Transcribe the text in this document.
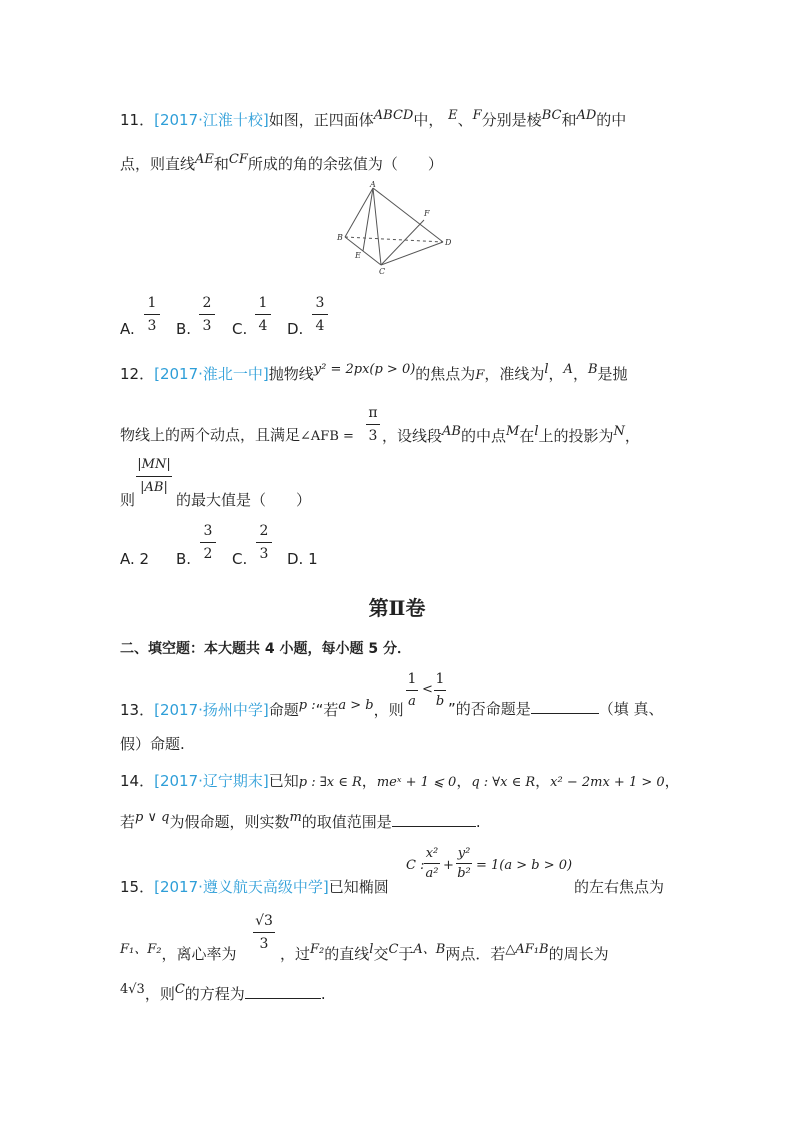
11．[2017·江淮十校]如图，正四面体$^{ABCD}$中， $^E$、$^F$分别是棱$^{BC}$和$^{AD}$的中
点，则直线$^{AE}$和$^{CF}$所成的角的余弦值为（　　）
A
B
C
D
E
F
A.
1
3 B.
2
3 C.
1
4 D.
3
4
12．[2017·淮北一中]抛物线$^{y^2 = 2px(p > 0)}$的焦点为F，准线为$^l$，$^A$，$^B$是抛
物线上的两个动点，且满足∠AFB =
π
3 ，设线段$^{AB}$的中点$^M$在$^l$上的投影为$^N$，
则
|MN|
|AB|
的最大值是（　　）
A. 2 B.
3
2 C.
2
3 D. 1
第Ⅱ卷
二、填空题：本大题共 4 小题，每小题 5 分．
13．[2017·扬州中学]命题$^{p :}$“若$^{a > b}$，则
1
a
<
1
b ”的否命题是	（填 真、
假）命题.
14．[2017·辽宁期末]已知p : ∃x ∈ R，meˣ + 1 ⩽ 0，q : ∀x ∈ R，x² − 2mx + 1 > 0，
若$^{p \vee q}$为假命题，则实数$^m$的取值范围是	.
15．[2017·遵义航天高级中学]已知椭圆
C :
x²
a²
+
y²
b²
= 1(a > b > 0)
的左右焦点为
$^{F_1、F_2}$，离心率为
√3
3
，过$^{F_2}$的直线$^l$交$^C$于$^{A、B}$两点．若$^{\triangle AF_1B}$的周长为
$^{4√3}$，则$^C$的方程为	.
